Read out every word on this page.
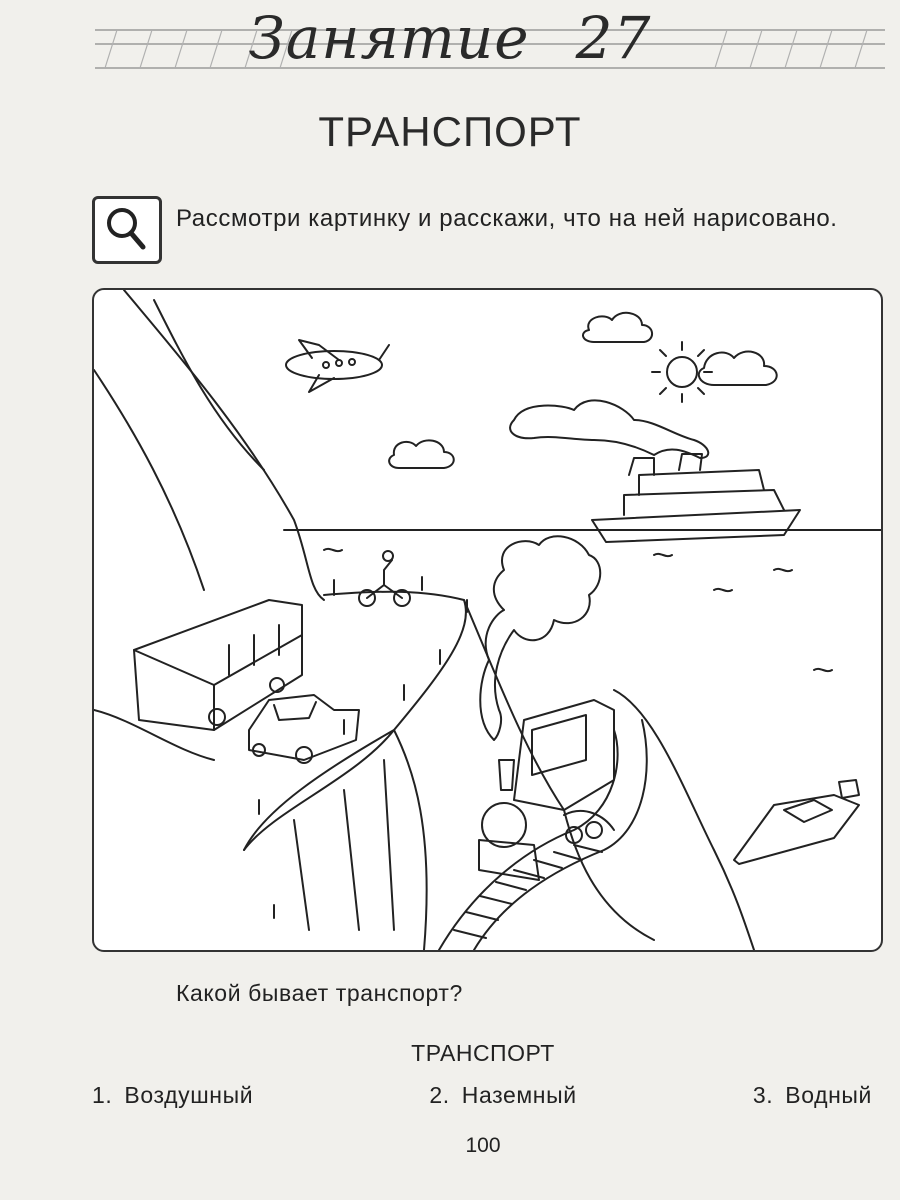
Занятие 27
ТРАНСПОРТ
Рассмотри картинку и расскажи, что на ней нарисовано.
Какой бывает транспорт?
ТРАНСПОРТ
1. Воздушный	2. Наземный	3. Водный
100
